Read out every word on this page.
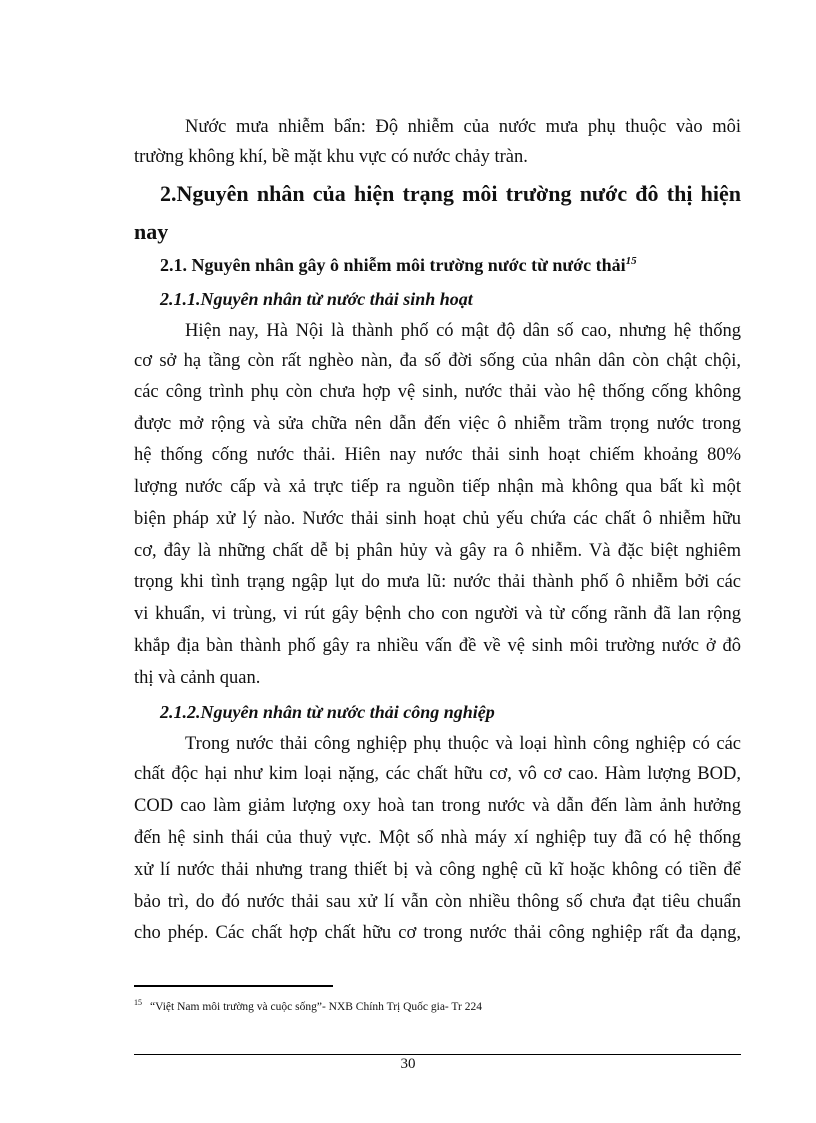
Nước mưa nhiễm bẩn: Độ nhiễm của nước mưa phụ thuộc vào môi
trường không khí, bề mặt khu vực có nước chảy tràn.
2.Nguyên nhân của hiện trạng môi trường nước đô thị hiện
nay
2.1. Nguyên nhân gây ô nhiễm môi trường nước từ nước thải$^{15}$
2.1.1.Nguyên nhân từ nước thải sinh hoạt
Hiện nay, Hà Nội là thành phố có mật độ dân số cao, nhưng hệ thống
cơ sở hạ tầng còn rất nghèo nàn, đa số đời sống của nhân dân còn chật chội,
các công trình phụ còn chưa hợp vệ sinh, nước thải vào hệ thống cống không
được mở rộng và sửa chữa nên dẫn đến việc ô nhiễm trầm trọng nước trong
hệ thống cống nước thải. Hiên nay nước thải sinh hoạt chiếm khoảng 80%
lượng nước cấp và xả trực tiếp ra nguồn tiếp nhận mà không qua bất kì một
biện pháp xử lý nào. Nước thải sinh hoạt chủ yếu chứa các chất ô nhiễm hữu
cơ, đây là những chất dễ bị phân hủy và gây ra ô nhiễm. Và đặc biệt nghiêm
trọng khi tình trạng ngập lụt do mưa lũ: nước thải thành phố ô nhiễm bởi các
vi khuẩn, vi trùng, vi rút gây bệnh cho con người và từ cống rãnh đã lan rộng
khắp địa bàn thành phố gây ra nhiều vấn đề về vệ sinh môi trường nước ở đô
thị và cảnh quan.
2.1.2.Nguyên nhân từ nước thải công nghiệp
Trong nước thải công nghiệp phụ thuộc và loại hình công nghiệp có các
chất độc hại như kim loại nặng, các chất hữu cơ, vô cơ cao. Hàm lượng BOD,
COD cao làm giảm lượng oxy hoà tan trong nước và dẫn đến làm ảnh hưởng
đến hệ sinh thái của thuỷ vực. Một số nhà máy xí nghiệp tuy đã có hệ thống
xử lí nước thải nhưng trang thiết bị và công nghệ cũ kĩ hoặc không có tiền để
bảo trì, do đó nước thải sau xử lí vẫn còn nhiều thông số chưa đạt tiêu chuẩn
cho phép. Các chất hợp chất hữu cơ trong nước thải công nghiệp rất đa dạng,
$^{15}$ “Việt Nam môi trường và cuộc sống”- NXB Chính Trị Quốc gia- Tr 224
30
